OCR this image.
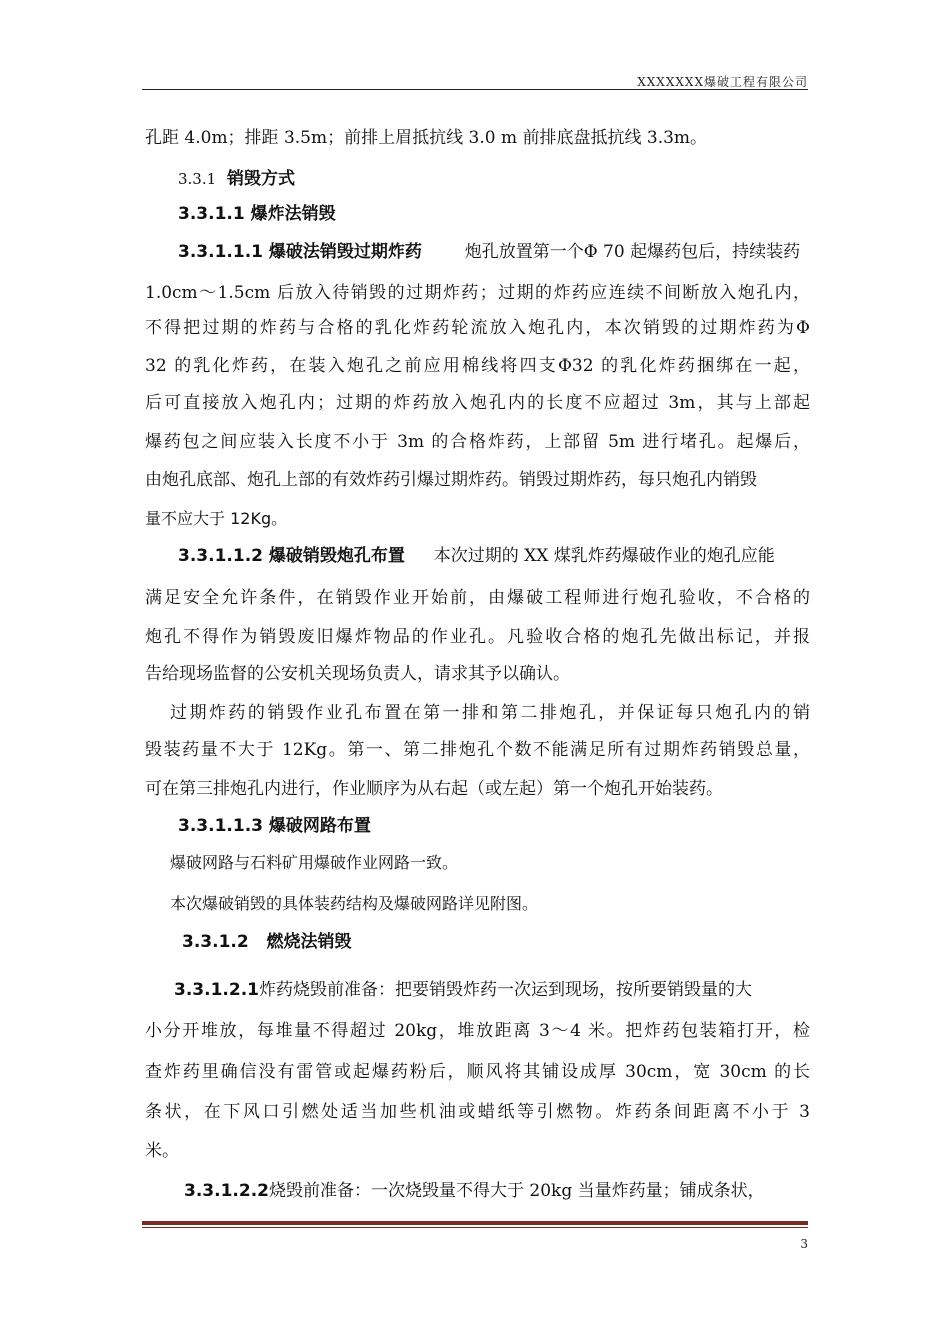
XXXXXXX爆破工程有限公司
孔距 4.0m；排距 3.5m；前排上眉抵抗线 3.0 m 前排底盘抵抗线 3.3m。
3.3.1 销毁方式
3.3.1.1 爆炸法销毁
3.3.1.1.1 爆破法销毁过期炸药	炮孔放置第一个Φ 70 起爆药包后，持续装药
1.0cm～1.5cm 后放入待销毁的过期炸药；过期的炸药应连续不间断放入炮孔内，
不得把过期的炸药与合格的乳化炸药轮流放入炮孔内，本次销毁的过期炸药为Φ
32 的乳化炸药，在装入炮孔之前应用棉线将四支Φ32 的乳化炸药捆绑在一起，
后可直接放入炮孔内；过期的炸药放入炮孔内的长度不应超过 3m，其与上部起
爆药包之间应装入长度不小于 3m 的合格炸药，上部留 5m 进行堵孔。起爆后，
由炮孔底部、炮孔上部的有效炸药引爆过期炸药。销毁过期炸药，每只炮孔内销毁
量不应大于 12Kg。
3.3.1.1.2 爆破销毁炮孔布置 本次过期的 XX 煤乳炸药爆破作业的炮孔应能
满足安全允许条件，在销毁作业开始前，由爆破工程师进行炮孔验收，不合格的
炮孔不得作为销毁废旧爆炸物品的作业孔。凡验收合格的炮孔先做出标记，并报
告给现场监督的公安机关现场负责人，请求其予以确认。
过期炸药的销毁作业孔布置在第一排和第二排炮孔，并保证每只炮孔内的销
毁装药量不大于 12Kg。第一、第二排炮孔个数不能满足所有过期炸药销毁总量，
可在第三排炮孔内进行，作业顺序为从右起（或左起）第一个炮孔开始装药。
3.3.1.1.3 爆破网路布置
爆破网路与石料矿用爆破作业网路一致。
本次爆破销毁的具体装药结构及爆破网路详见附图。
3.3.1.2   燃烧法销毁
3.3.1.2.1炸药烧毁前准备：把要销毁炸药一次运到现场，按所要销毁量的大
小分开堆放，每堆量不得超过 20kg，堆放距离 3～4 米。把炸药包装箱打开，检
查炸药里确信没有雷管或起爆药粉后，顺风将其铺设成厚 30cm，宽 30cm 的长
条状，在下风口引燃处适当加些机油或蜡纸等引燃物。炸药条间距离不小于 3
米。
3.3.1.2.2烧毁前准备：一次烧毁量不得大于 20kg 当量炸药量；铺成条状，
3
